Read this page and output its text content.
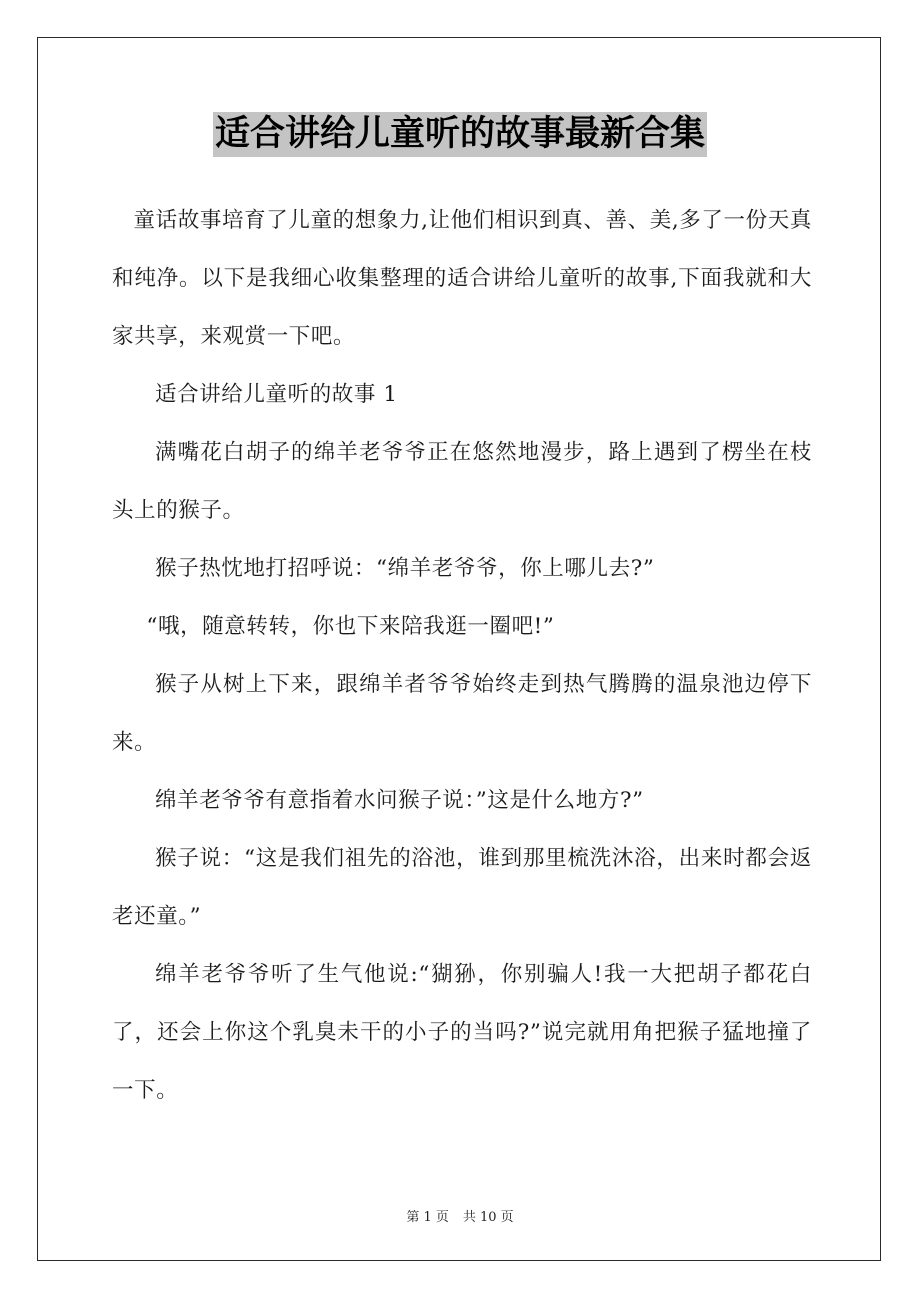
适合讲给儿童听的故事最新合集

童话故事培育了儿童的想象力,让他们相识到真、善、美,多了一份天真和纯净。以下是我细心收集整理的适合讲给儿童听的故事,下面我就和大家共享，来观赏一下吧。

适合讲给儿童听的故事 1

满嘴花白胡子的绵羊老爷爷正在悠然地漫步，路上遇到了楞坐在枝头上的猴子。

猴子热忱地打招呼说：“绵羊老爷爷，你上哪儿去?”

“哦，随意转转，你也下来陪我逛一圈吧!”

猴子从树上下来，跟绵羊者爷爷始终走到热气腾腾的温泉池边停下来。

绵羊老爷爷有意指着水问猴子说：”这是什么地方?”

猴子说：“这是我们祖先的浴池，谁到那里梳洗沐浴，出来时都会返老还童。”

绵羊老爷爷听了生气他说:“猢狲，你别骗人!我一大把胡子都花白了，还会上你这个乳臭未干的小子的当吗?”说完就用角把猴子猛地撞了一下。

第 1 页 共 10 页
